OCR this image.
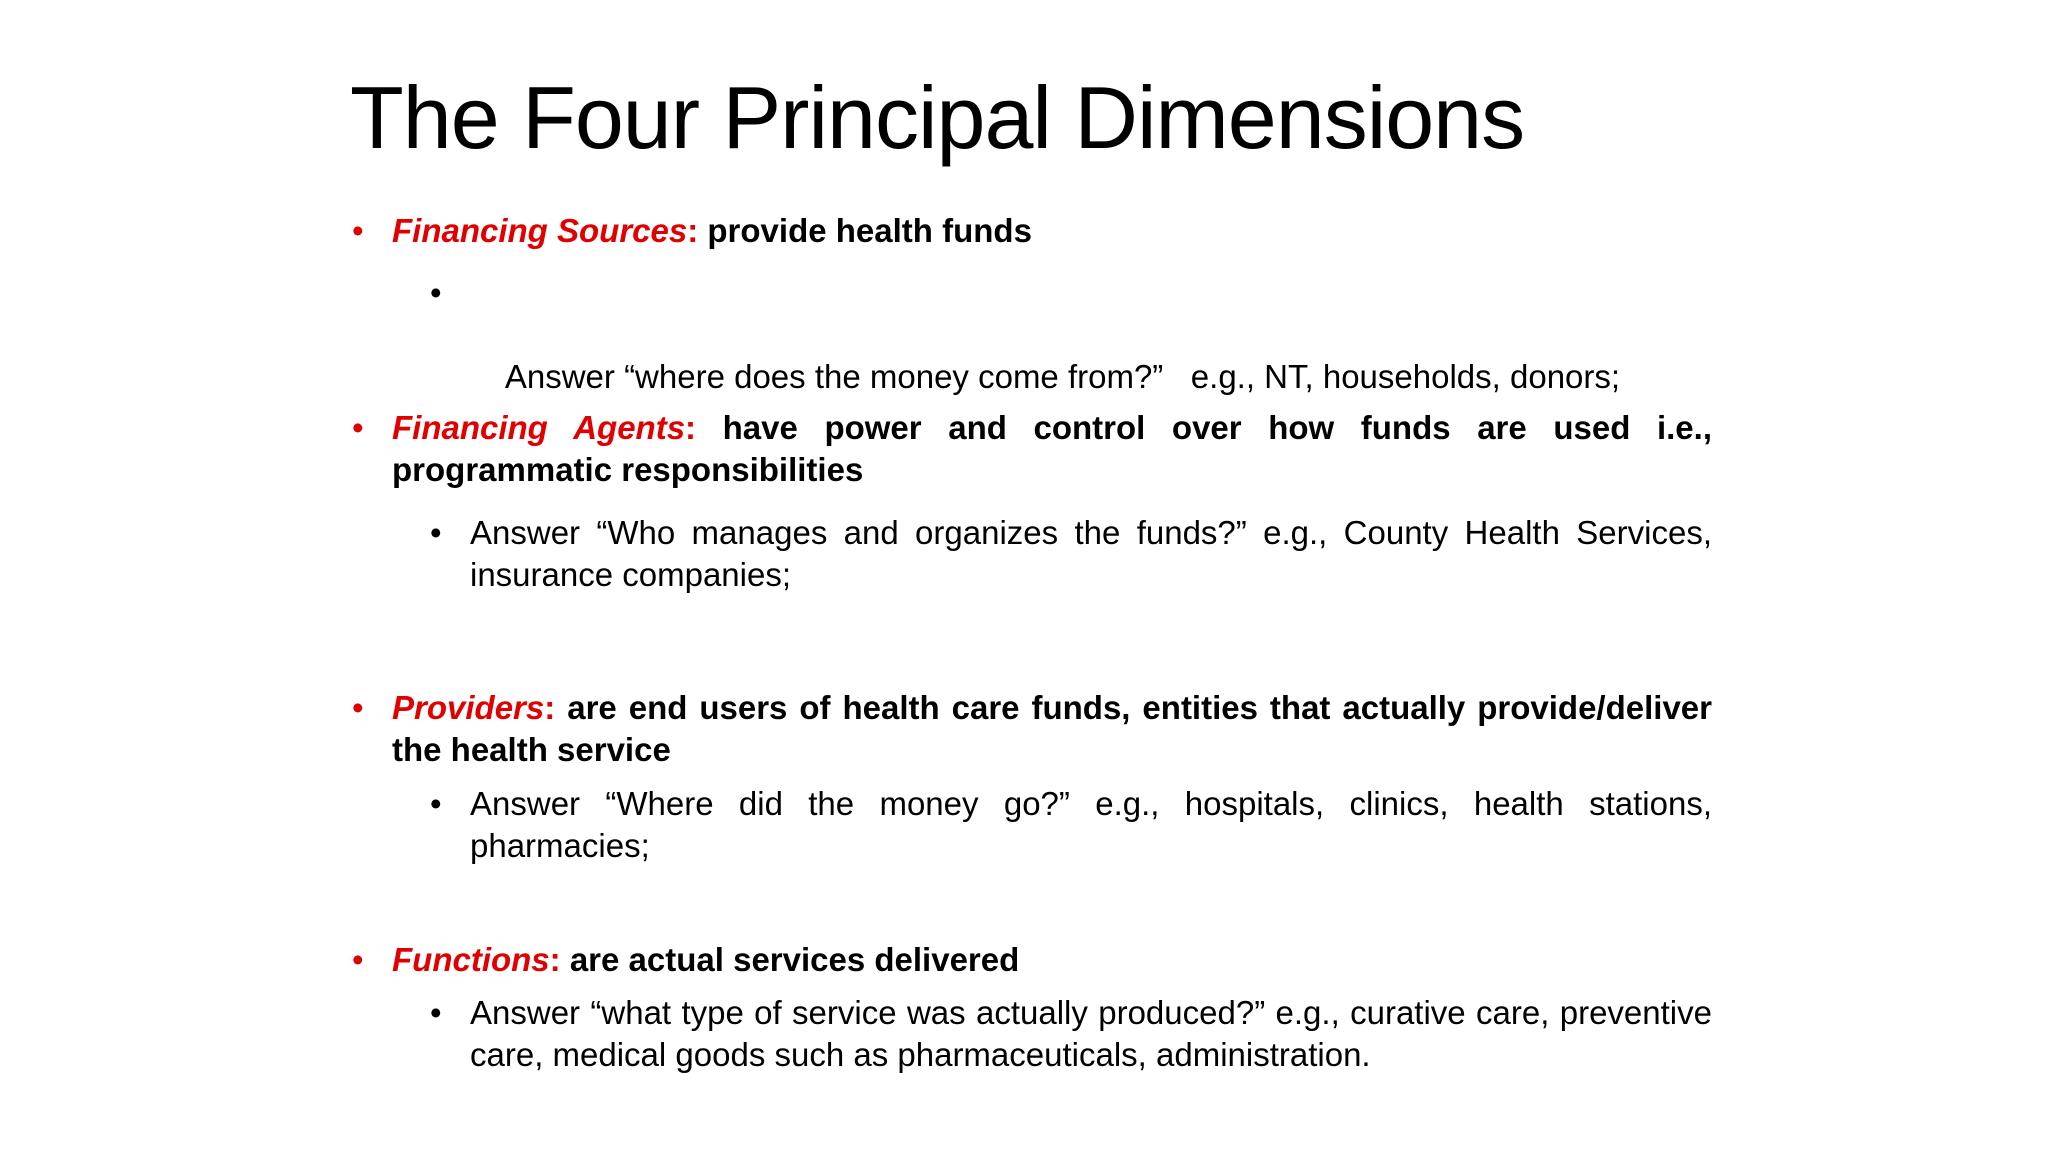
The Four Principal Dimensions
• Financing Sources: provide health funds

•

Answer “where does the money come from?”   e.g., NT, households, donors;

• Financing Agents: have power and control over how funds are used i.e., programmatic responsibilities
• Answer “Who manages and organizes the funds?” e.g., County Health Services, insurance companies;
• Providers: are end users of health care funds, entities that actually provide/deliver the health service
• Answer “Where did the money go?” e.g., hospitals, clinics, health stations, pharmacies;
• Functions: are actual services delivered
• Answer “what type of service was actually produced?” e.g., curative care, preventive care, medical goods such as pharmaceuticals, administration.
